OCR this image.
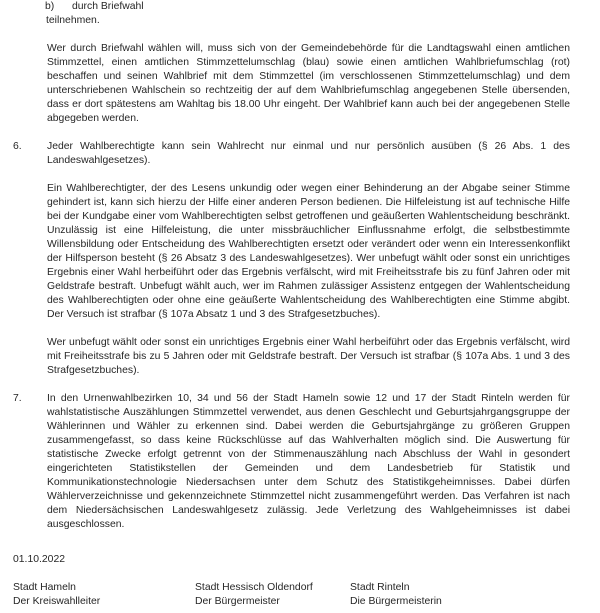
b) durch Briefwahl

teilnehmen.

Wer durch Briefwahl wählen will, muss sich von der Gemeindebehörde für die Landtagswahl einen amtlichen Stimmzettel, einen amtlichen Stimmzettelumschlag (blau) sowie einen amtlichen Wahlbriefumschlag (rot) beschaffen und seinen Wahlbrief mit dem Stimmzettel (im verschlossenen Stimmzettelumschlag) und dem unterschriebenen Wahlschein so rechtzeitig der auf dem Wahlbriefumschlag angegebenen Stelle übersenden, dass er dort spätestens am Wahltag bis 18.00 Uhr eingeht. Der Wahlbrief kann auch bei der angegebenen Stelle abgegeben werden.

6. Jeder Wahlberechtigte kann sein Wahlrecht nur einmal und nur persönlich ausüben (§ 26 Abs. 1 des Landeswahlgesetzes).

Ein Wahlberechtigter, der des Lesens unkundig oder wegen einer Behinderung an der Abgabe seiner Stimme gehindert ist, kann sich hierzu der Hilfe einer anderen Person bedienen. Die Hilfeleistung ist auf technische Hilfe bei der Kundgabe einer vom Wahlberechtigten selbst getroffenen und geäußerten Wahlentscheidung beschränkt. Unzulässig ist eine Hilfeleistung, die unter missbräuchlicher Einflussnahme erfolgt, die selbstbestimmte Willensbildung oder Entscheidung des Wahlberechtigten ersetzt oder verändert oder wenn ein Interessenkonflikt der Hilfsperson besteht (§ 26 Absatz 3 des Landeswahlgesetzes). Wer unbefugt wählt oder sonst ein unrichtiges Ergebnis einer Wahl herbeiführt oder das Ergebnis verfälscht, wird mit Freiheitsstrafe bis zu fünf Jahren oder mit Geldstrafe bestraft. Unbefugt wählt auch, wer im Rahmen zulässiger Assistenz entgegen der Wahlentscheidung des Wahlberechtigten oder ohne eine geäußerte Wahlentscheidung des Wahlberechtigten eine Stimme abgibt. Der Versuch ist strafbar (§ 107a Absatz 1 und 3 des Strafgesetzbuches).

Wer unbefugt wählt oder sonst ein unrichtiges Ergebnis einer Wahl herbeiführt oder das Ergebnis verfälscht, wird mit Freiheitsstrafe bis zu 5 Jahren oder mit Geldstrafe bestraft. Der Versuch ist strafbar (§ 107a Abs. 1 und 3 des Strafgesetzbuches).

7. In den Urnenwahlbezirken 10, 34 und 56 der Stadt Hameln sowie 12 und 17 der Stadt Rinteln werden für wahlstatistische Auszählungen Stimmzettel verwendet, aus denen Geschlecht und Geburtsjahrgangsgruppe der Wählerinnen und Wähler zu erkennen sind. Dabei werden die Geburtsjahrgänge zu größeren Gruppen zusammengefasst, so dass keine Rückschlüsse auf das Wahlverhalten möglich sind. Die Auswertung für statistische Zwecke erfolgt getrennt von der Stimmenauszählung nach Abschluss der Wahl in gesondert eingerichteten Statistikstellen der Gemeinden und dem Landesbetrieb für Statistik und Kommunikationstechnologie Niedersachsen unter dem Schutz des Statistikgeheimnisses. Dabei dürfen Wählerverzeichnisse und gekennzeichnete Stimmzettel nicht zusammengeführt werden. Das Verfahren ist nach dem Niedersächsischen Landeswahlgesetz zulässig. Jede Verletzung des Wahlgeheimnisses ist dabei ausgeschlossen.

01.10.2022
Stadt Hameln	Stadt Hessisch Oldendorf	Stadt Rinteln
Der Kreiswahlleiter	Der Bürgermeister	Die Bürgermeisterin
